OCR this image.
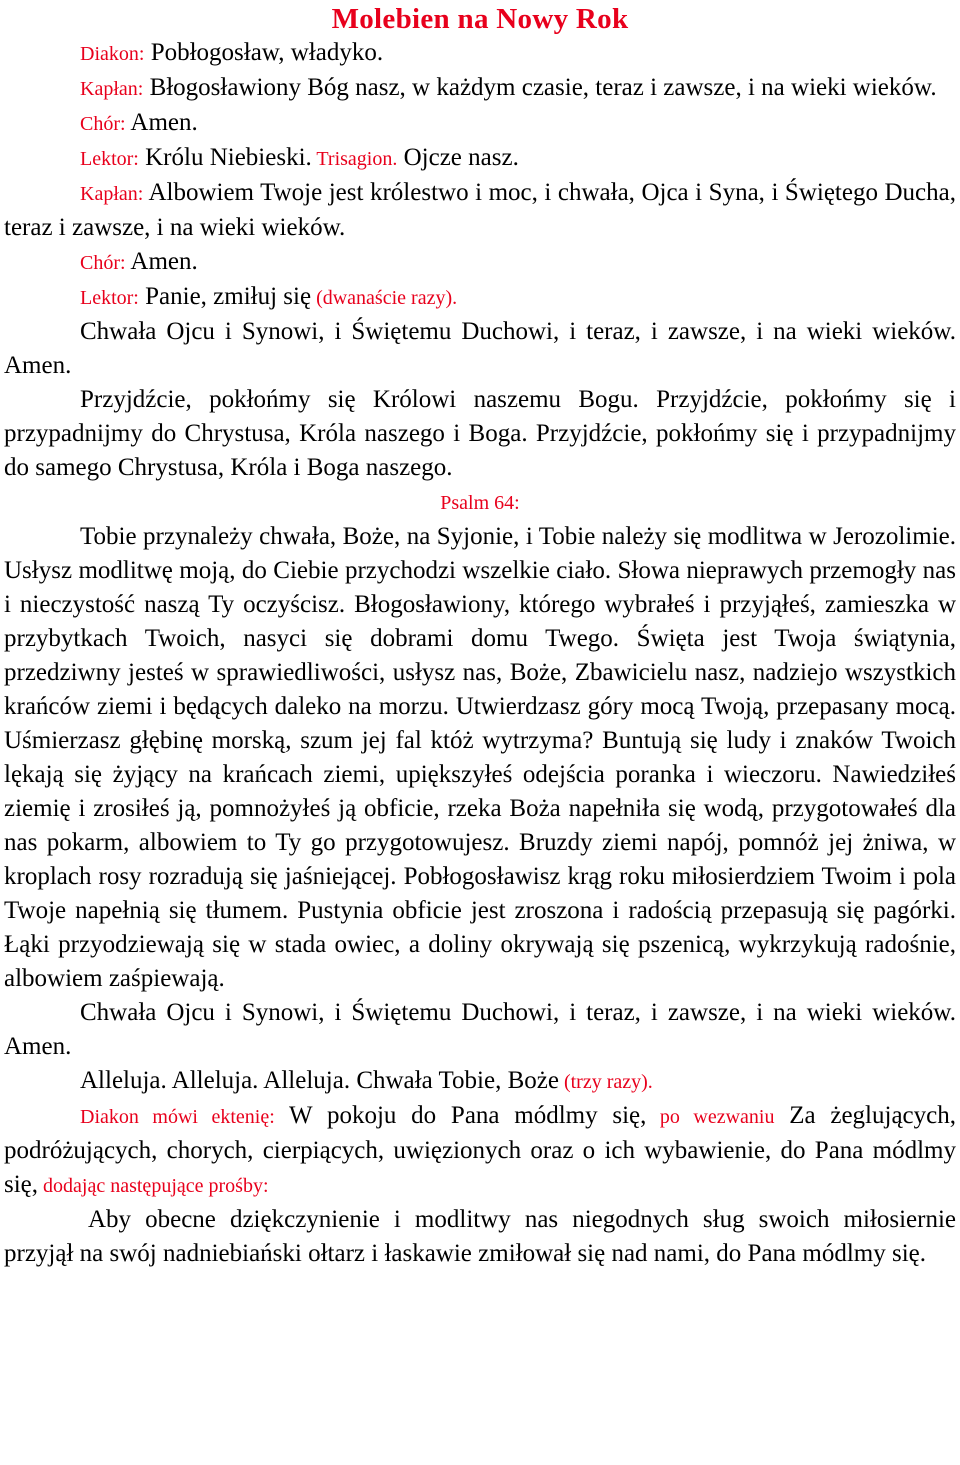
Molebien na Nowy Rok

Diakon: Pobłogosław, władyko.

Kapłan: Błogosławiony Bóg nasz, w każdym czasie, teraz i zawsze, i na wieki wieków.

Chór: Amen.

Lektor: Królu Niebieski. Trisagion. Ojcze nasz.

Kapłan: Albowiem Twoje jest królestwo i moc, i chwała, Ojca i Syna, i Świętego Ducha, teraz i zawsze, i na wieki wieków.

Chór: Amen.

Lektor: Panie, zmiłuj się (dwanaście razy).

Chwała Ojcu i Synowi, i Świętemu Duchowi, i teraz, i zawsze, i na wieki wieków. Amen.

Przyjdźcie, pokłońmy się Królowi naszemu Bogu. Przyjdźcie, pokłońmy się i przypadnijmy do Chrystusa, Króla naszego i Boga. Przyjdźcie, pokłońmy się i przypadnijmy do samego Chrystusa, Króla i Boga naszego.

Psalm 64:

Tobie przynależy chwała, Boże, na Syjonie, i Tobie należy się modlitwa w Jerozolimie. Usłysz modlitwę moją, do Ciebie przychodzi wszelkie ciało. Słowa nieprawych przemogły nas i nieczystość naszą Ty oczyścisz. Błogosławiony, którego wybrałeś i przyjąłeś, zamieszka w przybytkach Twoich, nasyci się dobrami domu Twego. Święta jest Twoja świątynia, przedziwny jesteś w sprawiedliwości, usłysz nas, Boże, Zbawicielu nasz, nadziejo wszystkich krańców ziemi i będących daleko na morzu. Utwierdzasz góry mocą Twoją, przepasany mocą. Uśmierzasz głębinę morską, szum jej fal któż wytrzyma? Buntują się ludy i znaków Twoich lękają się żyjący na krańcach ziemi, upiększyłeś odejścia poranka i wieczoru. Nawiedziłeś ziemię i zrosiłeś ją, pomnożyłeś ją obficie, rzeka Boża napełniła się wodą, przygotowałeś dla nas pokarm, albowiem to Ty go przygotowujesz. Bruzdy ziemi napój, pomnóż jej żniwa, w kroplach rosy rozradują się jaśniejącej. Pobłogosławisz krąg roku miłosierdziem Twoim i pola Twoje napełnią się tłumem. Pustynia obficie jest zroszona i radością przepasują się pagórki. Łąki przyodziewają się w stada owiec, a doliny okrywają się pszenicą, wykrzykują radośnie, albowiem zaśpiewają.

Chwała Ojcu i Synowi, i Świętemu Duchowi, i teraz, i zawsze, i na wieki wieków. Amen.

Alleluja. Alleluja. Alleluja. Chwała Tobie, Boże (trzy razy).

Diakon mówi ektenię: W pokoju do Pana módlmy się, po wezwaniu Za żeglujących, podróżujących, chorych, cierpiących, uwięzionych oraz o ich wybawienie, do Pana módlmy się, dodając następujące prośby:

Aby obecne dziękczynienie i modlitwy nas niegodnych sług swoich miłosiernie przyjął na swój nadniebiański ołtarz i łaskawie zmiłował się nad nami, do Pana módlmy się.
